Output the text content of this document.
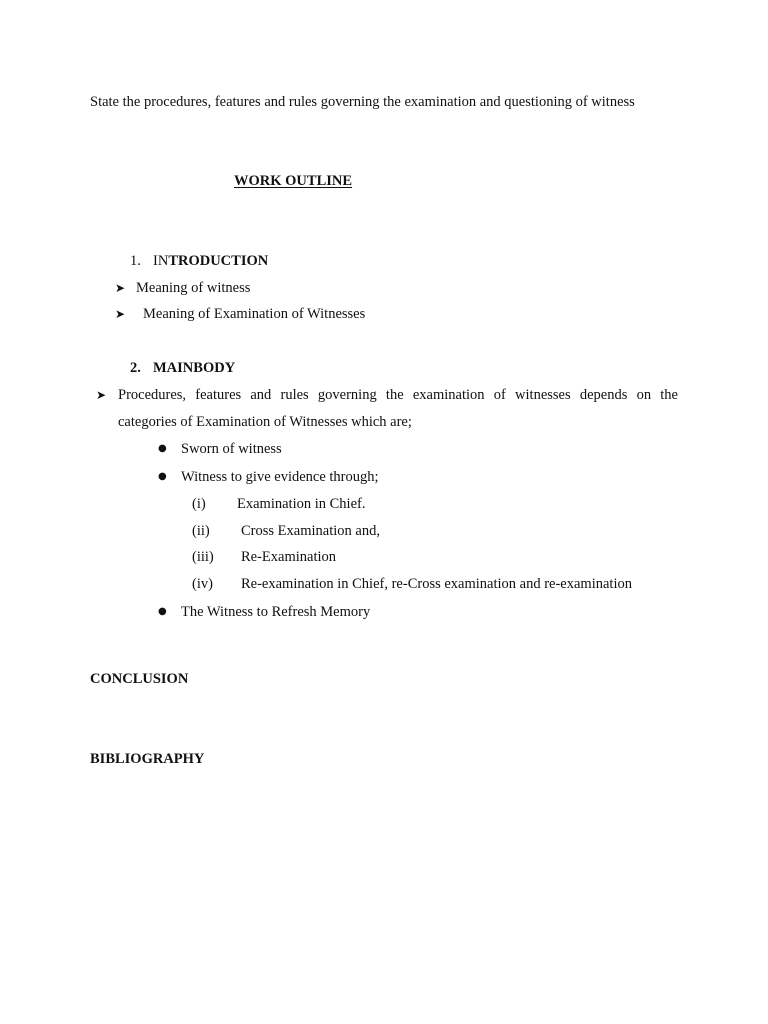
State the procedures, features and rules governing the examination and questioning of witness
WORK OUTLINE
1. INTRODUCTION
➤ Meaning of witness
➤ Meaning of Examination of Witnesses
2. MAINBODY
➤ Procedures, features and rules governing the examination of witnesses depends on the
categories of Examination of Witnesses which are;
● Sworn of witness
● Witness to give evidence through;
(i) Examination in Chief.
(ii) Cross Examination and,
(iii) Re-Examination
(iv) Re-examination in Chief, re-Cross examination and re-examination
● The Witness to Refresh Memory
CONCLUSION
BIBLIOGRAPHY
